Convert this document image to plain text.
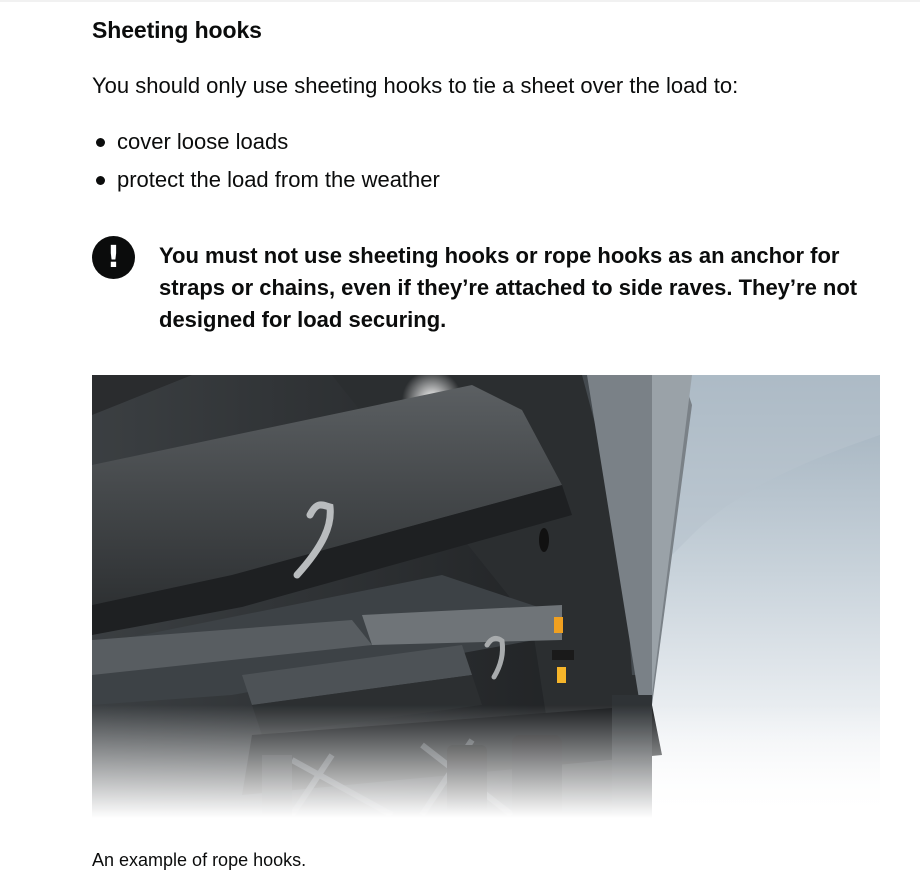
Sheeting hooks

You should only use sheeting hooks to tie a sheet over the load to:

cover loose loads
protect the load from the weather
!	You must not use sheeting hooks or rope hooks as an anchor for straps or chains, even if they’re attached to side raves. They’re not designed for load securing.

An example of rope hooks.
